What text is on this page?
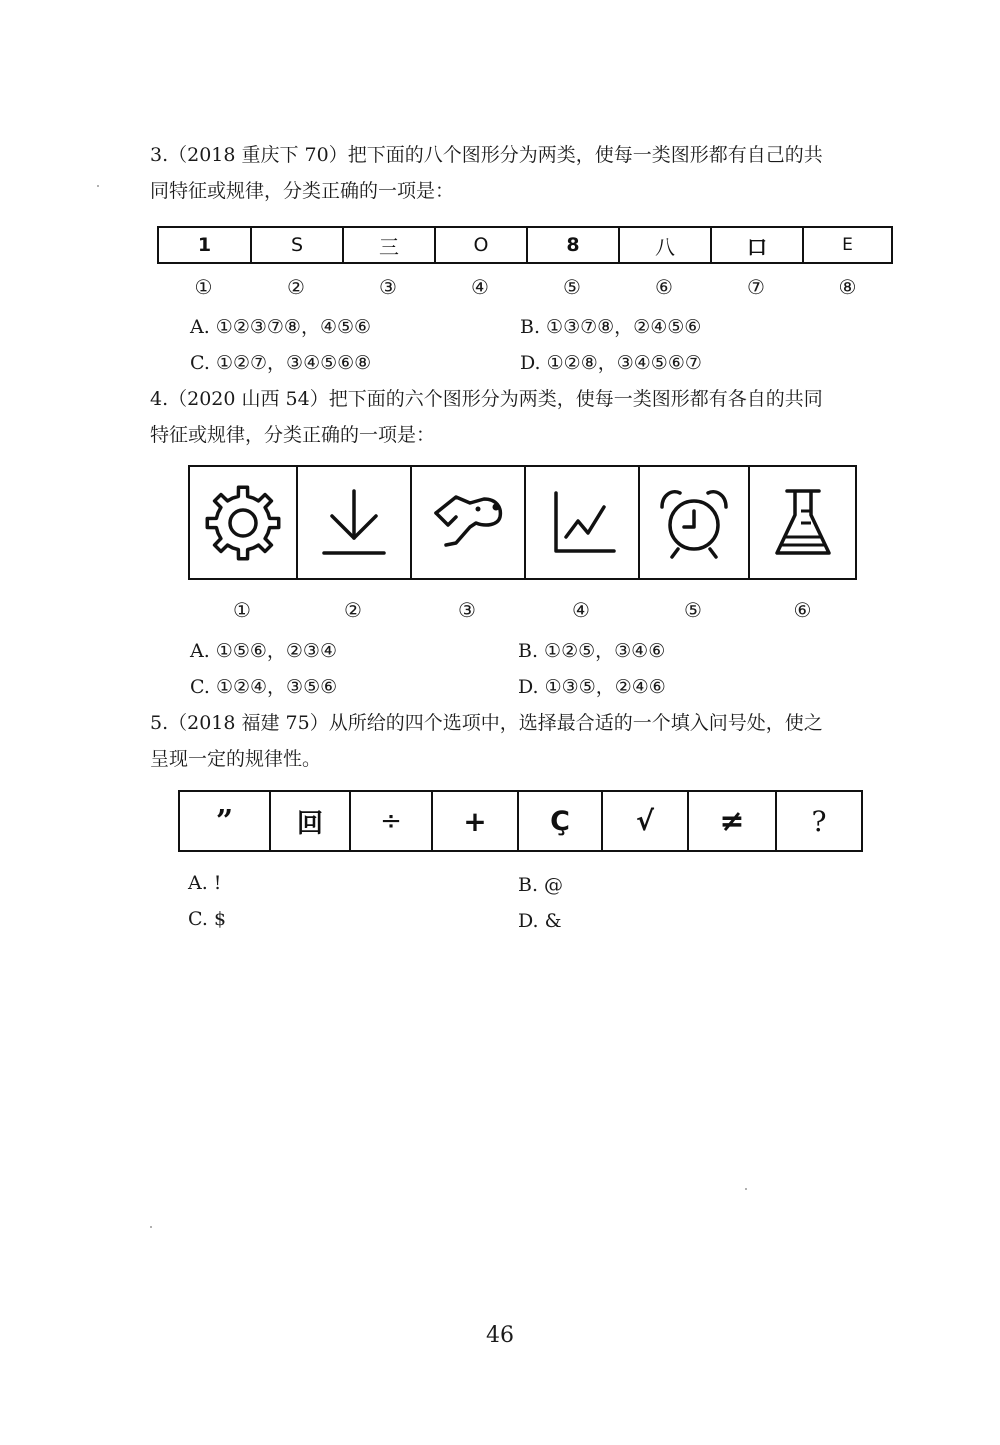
3.（2018 重庆下 70）把下面的八个图形分为两类，使每一类图形都有自己的共
同特征或规律，分类正确的一项是：
1	S	三	O	8	八	口	E
①	②	③	④	⑤	⑥	⑦	⑧
A. ①②③⑦⑧，④⑤⑥	B. ①③⑦⑧，②④⑤⑥
C. ①②⑦，③④⑤⑥⑧	D. ①②⑧，③④⑤⑥⑦
4.（2020 山西 54）把下面的六个图形分为两类，使每一类图形都有各自的共同
特征或规律，分类正确的一项是：
①	②	③	④	⑤	⑥
A. ①⑤⑥，②③④	B. ①②⑤，③④⑥
C. ①②④，③⑤⑥	D. ①③⑤，②④⑥
5.（2018 福建 75）从所给的四个选项中，选择最合适的一个填入问号处，使之
呈现一定的规律性。
”	回	÷	+	Ç	√	≠	?
A. !	B. @
C. $	D. &
46
